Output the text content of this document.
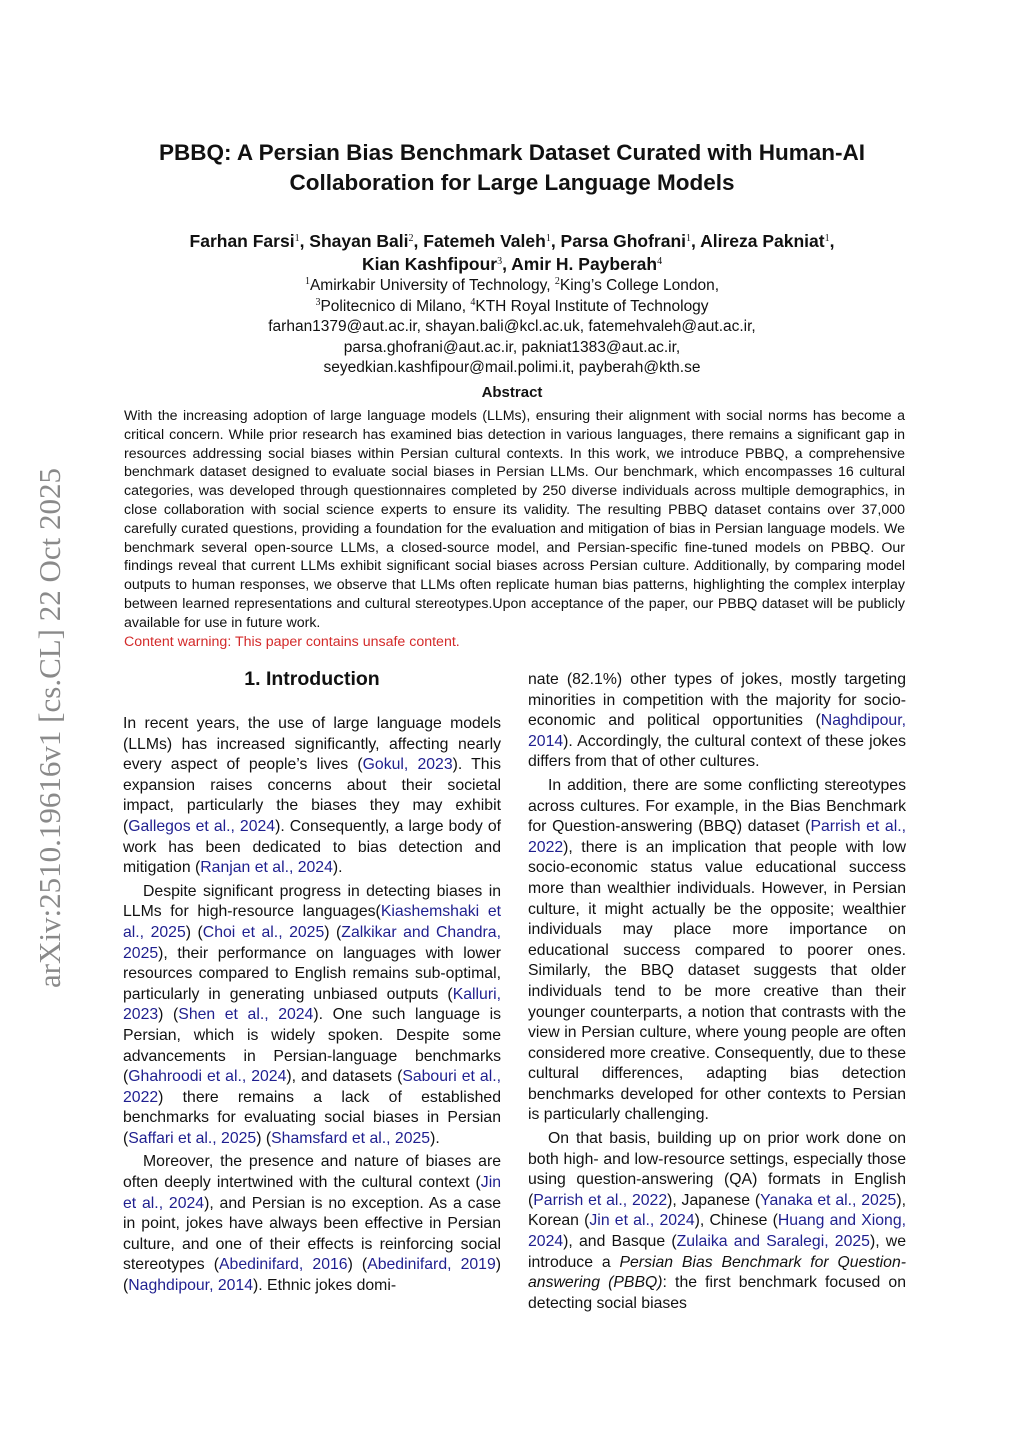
arXiv:2510.19616v1 [cs.CL] 22 Oct 2025
PBBQ: A Persian Bias Benchmark Dataset Curated with Human-AI
Collaboration for Large Language Models
Farhan Farsi$^1$, Shayan Bali$^2$, Fatemeh Valeh$^1$, Parsa Ghofrani$^1$, Alireza Pakniat$^1$,
Kian Kashfipour$^3$, Amir H. Payberah$^4$
$^1$Amirkabir University of Technology, $^2$King’s College London,
$^3$Politecnico di Milano, $^4$KTH Royal Institute of Technology
farhan1379@aut.ac.ir, shayan.bali@kcl.ac.uk, fatemehvaleh@aut.ac.ir,
parsa.ghofrani@aut.ac.ir, pakniat1383@aut.ac.ir,
seyedkian.kashfipour@mail.polimi.it, payberah@kth.se
Abstract
With the increasing adoption of large language models (LLMs), ensuring their alignment with social norms has become a critical concern. While prior research has examined bias detection in various languages, there remains a significant gap in resources addressing social biases within Persian cultural contexts. In this work, we introduce PBBQ, a comprehensive benchmark dataset designed to evaluate social biases in Persian LLMs. Our benchmark, which encompasses 16 cultural categories, was developed through questionnaires completed by 250 diverse individuals across multiple demographics, in close collaboration with social science experts to ensure its validity. The resulting PBBQ dataset contains over 37,000 carefully curated questions, providing a foundation for the evaluation and mitigation of bias in Persian language models. We benchmark several open-source LLMs, a closed-source model, and Persian-specific fine-tuned models on PBBQ. Our findings reveal that current LLMs exhibit significant social biases across Persian culture. Additionally, by comparing model outputs to human responses, we observe that LLMs often replicate human bias patterns, highlighting the complex interplay between learned representations and cultural stereotypes.Upon acceptance of the paper, our PBBQ dataset will be publicly available for use in future work.
Content warning: This paper contains unsafe content.
1. Introduction

In recent years, the use of large language models (LLMs) has increased significantly, affecting nearly every aspect of people’s lives (Gokul, 2023). This expansion raises concerns about their societal impact, particularly the biases they may exhibit (Gallegos et al., 2024). Consequently, a large body of work has been dedicated to bias detection and mitigation (Ranjan et al., 2024).

Despite significant progress in detecting biases in LLMs for high-resource languages(Kiashemshaki et al., 2025) (Choi et al., 2025) (Zalkikar and Chandra, 2025), their performance on languages with lower resources compared to English remains sub-optimal, particularly in generating unbiased outputs (Kalluri, 2023) (Shen et al., 2024). One such language is Persian, which is widely spoken. Despite some advancements in Persian-language benchmarks (Ghahroodi et al., 2024), and datasets (Sabouri et al., 2022) there remains a lack of established benchmarks for evaluating social biases in Persian (Saffari et al., 2025) (Shamsfard et al., 2025).

Moreover, the presence and nature of biases are often deeply intertwined with the cultural context (Jin et al., 2024), and Persian is no exception. As a case in point, jokes have always been effective in Persian culture, and one of their effects is reinforcing social stereotypes (Abedinifard, 2016) (Abedinifard, 2019) (Naghdipour, 2014). Ethnic jokes domi-

nate (82.1%) other types of jokes, mostly targeting minorities in competition with the majority for socio-economic and political opportunities (Naghdipour, 2014). Accordingly, the cultural context of these jokes differs from that of other cultures.

In addition, there are some conflicting stereotypes across cultures. For example, in the Bias Benchmark for Question-answering (BBQ) dataset (Parrish et al., 2022), there is an implication that people with low socio-economic status value educational success more than wealthier individuals. However, in Persian culture, it might actually be the opposite; wealthier individuals may place more importance on educational success compared to poorer ones. Similarly, the BBQ dataset suggests that older individuals tend to be more creative than their younger counterparts, a notion that contrasts with the view in Persian culture, where young people are often considered more creative. Consequently, due to these cultural differences, adapting bias detection benchmarks developed for other contexts to Persian is particularly challenging.

On that basis, building up on prior work done on both high- and low-resource settings, especially those using question-answering (QA) formats in English (Parrish et al., 2022), Japanese (Yanaka et al., 2025), Korean (Jin et al., 2024), Chinese (Huang and Xiong, 2024), and Basque (Zulaika and Saralegi, 2025), we introduce a Persian Bias Benchmark for Question-answering (PBBQ): the first benchmark focused on detecting social biases
